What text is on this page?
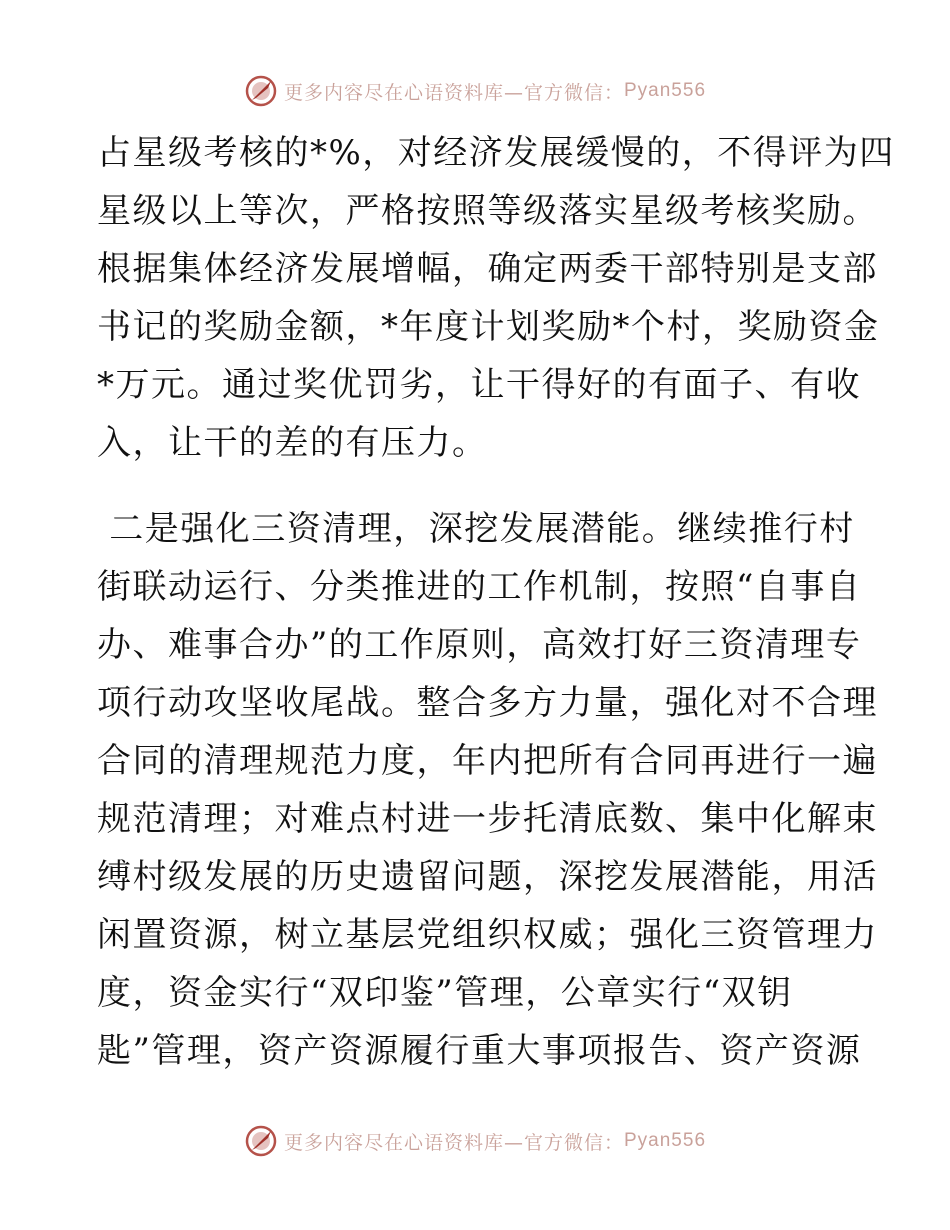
更多内容尽在心语资料库—官方微信： Pyan556
占星级考核的*%，对经济发展缓慢的，不得评为四
星级以上等次，严格按照等级落实星级考核奖励。
根据集体经济发展增幅，确定两委干部特别是支部
书记的奖励金额，*年度计划奖励*个村，奖励资金
*万元。通过奖优罚劣，让干得好的有面子、有收
入，让干的差的有压力。
二是强化三资清理，深挖发展潜能。继续推行村
街联动运行、分类推进的工作机制，按照“自事自
办、难事合办”的工作原则，高效打好三资清理专
项行动攻坚收尾战。整合多方力量，强化对不合理
合同的清理规范力度，年内把所有合同再进行一遍
规范清理；对难点村进一步托清底数、集中化解束
缚村级发展的历史遗留问题，深挖发展潜能，用活
闲置资源，树立基层党组织权威；强化三资管理力
度，资金实行“双印鉴”管理，公章实行“双钥
匙”管理，资产资源履行重大事项报告、资产资源
更多内容尽在心语资料库—官方微信： Pyan556
